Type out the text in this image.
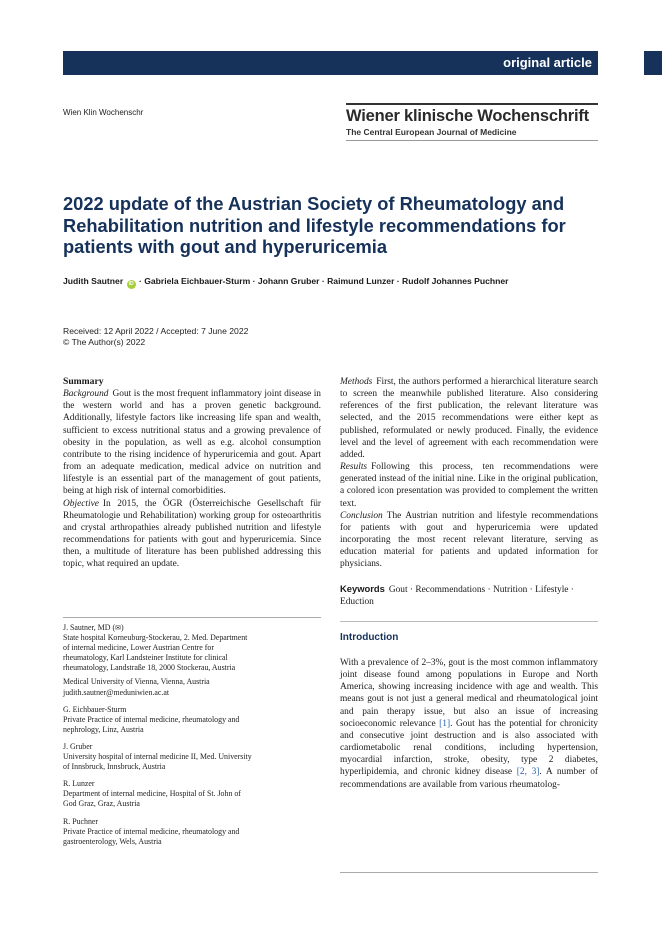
original article
Wien Klin Wochenschr	Wiener klinische Wochenschrift
The Central European Journal of Medicine
2022 update of the Austrian Society of Rheumatology and Rehabilitation nutrition and lifestyle recommendations for patients with gout and hyperuricemia
Judith Sautner iD · Gabriela Eichbauer-Sturm · Johann Gruber · Raimund Lunzer · Rudolf Johannes Puchner
Received: 12 April 2022 / Accepted: 7 June 2022
© The Author(s) 2022
Summary

Background Gout is the most frequent inflammatory joint disease in the western world and has a proven genetic background. Additionally, lifestyle factors like increasing life span and wealth, sufficient to excess nutritional status and a growing prevalence of obesity in the population, as well as e.g. alcohol consumption contribute to the rising incidence of hyperuricemia and gout. Apart from an adequate medication, medical advice on nutrition and lifestyle is an essential part of the management of gout patients, being at high risk of internal comorbidities.

Objective In 2015, the ÖGR (Österreichische Gesellschaft für Rheumatologie und Rehabilitation) working group for osteoarthritis and crystal arthropathies already published nutrition and lifestyle recommendations for patients with gout and hyperuricemia. Since then, a multitude of literature has been published addressing this topic, what required an update.

J. Sautner, MD (✉)
State hospital Korneuburg-Stockerau, 2. Med. Department
of internal medicine, Lower Austrian Centre for
rheumatology, Karl Landsteiner Institute for clinical
rheumatology, Landstraße 18, 2000 Stockerau, Austria
Medical University of Vienna, Vienna, Austria
judith.sautner@meduniwien.ac.at
G. Eichbauer-Sturm
Private Practice of internal medicine, rheumatology and
nephrology, Linz, Austria
J. Gruber
University hospital of internal medicine II, Med. University
of Innsbruck, Innsbruck, Austria
R. Lunzer
Department of internal medicine, Hospital of St. John of
God Graz, Graz, Austria
R. Puchner
Private Practice of internal medicine, rheumatology and
gastroenterology, Wels, Austria

Methods First, the authors performed a hierarchical literature search to screen the meanwhile published literature. Also considering references of the first publication, the relevant literature was selected, and the 2015 recommendations were either kept as published, reformulated or newly produced. Finally, the evidence level and the level of agreement with each recommendation were added.

Results Following this process, ten recommendations were generated instead of the initial nine. Like in the original publication, a colored icon presentation was provided to complement the written text.

Conclusion The Austrian nutrition and lifestyle recommendations for patients with gout and hyperuricemia were updated incorporating the most recent relevant literature, serving as education material for patients and updated information for physicians.

Keywords Gout · Recommendations · Nutrition · Lifestyle · Eduction

Introduction

With a prevalence of 2–3%, gout is the most common inflammatory joint disease found among populations in Europe and North America, showing increasing incidence with age and wealth. This means gout is not just a general medical and rheumatological joint and pain therapy issue, but also an issue of increasing socioeconomic relevance [1]. Gout has the potential for chronicity and consecutive joint destruction and is also associated with cardiometabolic renal conditions, including hypertension, myocardial infarction, stroke, obesity, type 2 diabetes, hyperlipidemia, and chronic kidney disease [2, 3]. A number of recommendations are available from various rheumatolog-
